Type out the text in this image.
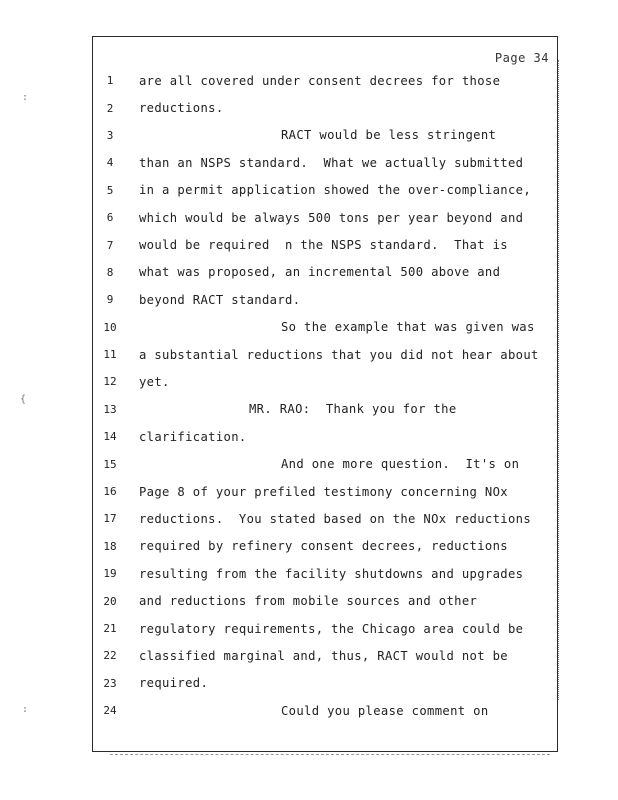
:
{
:
Page 34
1	are all covered under consent decrees for those
2	reductions.
3	RACT would be less stringent
4	than an NSPS standard.  What we actually submitted
5	in a permit application showed the over-compliance,
6	which would be always 500 tons per year beyond and
7	would be required  n the NSPS standard.  That is
8	what was proposed, an incremental 500 above and
9	beyond RACT standard.
10	So the example that was given was
11	a substantial reductions that you did not hear about
12	yet.
13	MR. RAO:  Thank you for the
14	clarification.
15	And one more question.  It's on
16	Page 8 of your prefiled testimony concerning NOx
17	reductions.  You stated based on the NOx reductions
18	required by refinery consent decrees, reductions
19	resulting from the facility shutdowns and upgrades
20	and reductions from mobile sources and other
21	regulatory requirements, the Chicago area could be
22	classified marginal and, thus, RACT would not be
23	required.
24	Could you please comment on
